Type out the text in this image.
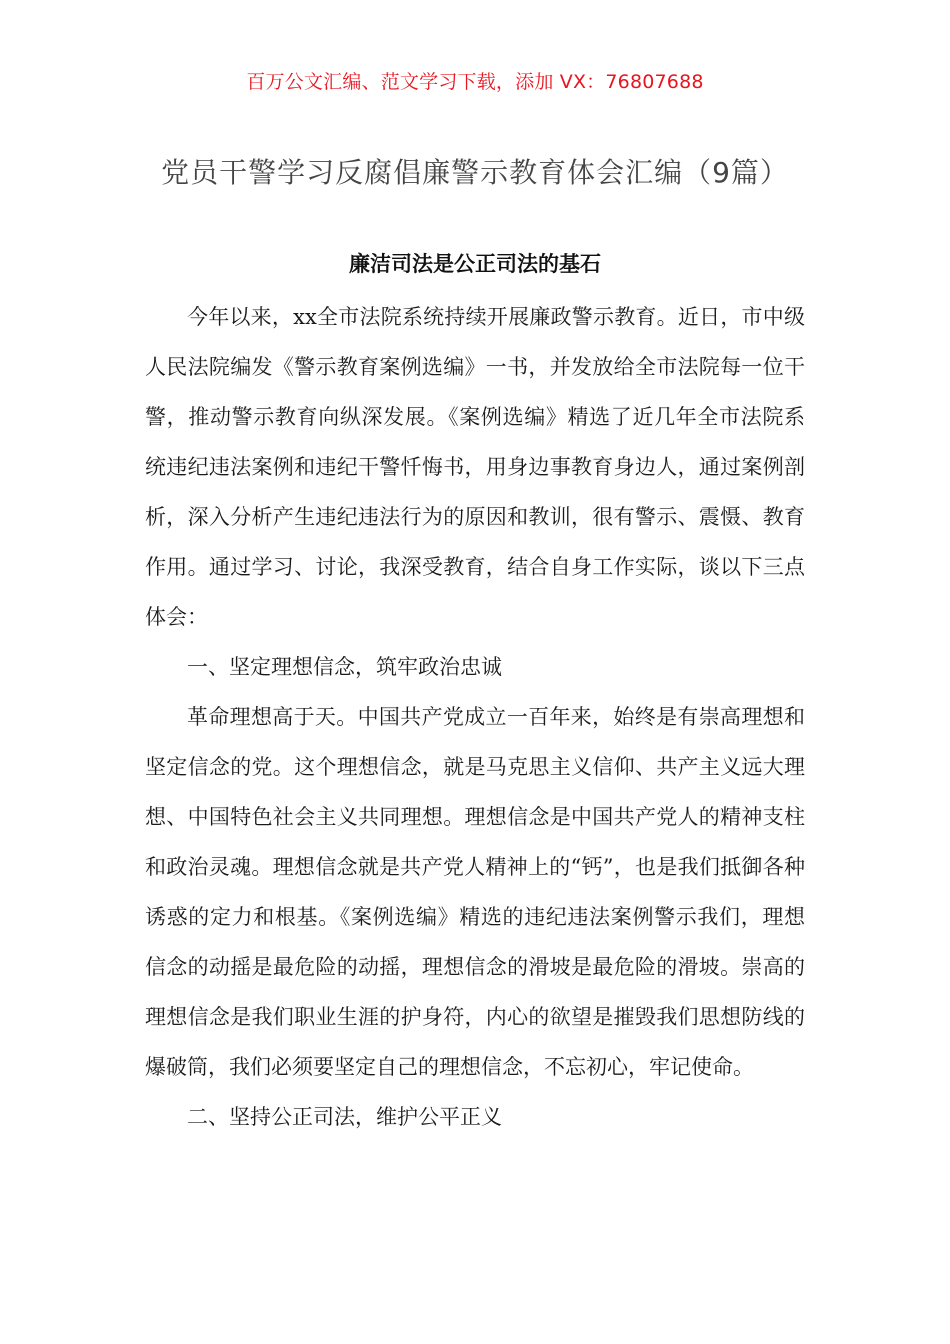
百万公文汇编、范文学习下载，添加 VX：76807688
党员干警学习反腐倡廉警示教育体会汇编（9篇）
廉洁司法是公正司法的基石

今年以来，xx全市法院系统持续开展廉政警示教育。近日，市中级人民法院编发《警示教育案例选编》一书，并发放给全市法院每一位干警，推动警示教育向纵深发展。《案例选编》精选了近几年全市法院系统违纪违法案例和违纪干警忏悔书，用身边事教育身边人，通过案例剖析，深入分析产生违纪违法行为的原因和教训，很有警示、震慑、教育作用。通过学习、讨论，我深受教育，结合自身工作实际，谈以下三点体会：

一、坚定理想信念，筑牢政治忠诚

革命理想高于天。中国共产党成立一百年来，始终是有崇高理想和坚定信念的党。这个理想信念，就是马克思主义信仰、共产主义远大理想、中国特色社会主义共同理想。理想信念是中国共产党人的精神支柱和政治灵魂。理想信念就是共产党人精神上的“钙”，也是我们抵御各种诱惑的定力和根基。《案例选编》精选的违纪违法案例警示我们，理想信念的动摇是最危险的动摇，理想信念的滑坡是最危险的滑坡。崇高的理想信念是我们职业生涯的护身符，内心的欲望是摧毁我们思想防线的爆破筒，我们必须要坚定自己的理想信念，不忘初心，牢记使命。

二、坚持公正司法，维护公平正义
